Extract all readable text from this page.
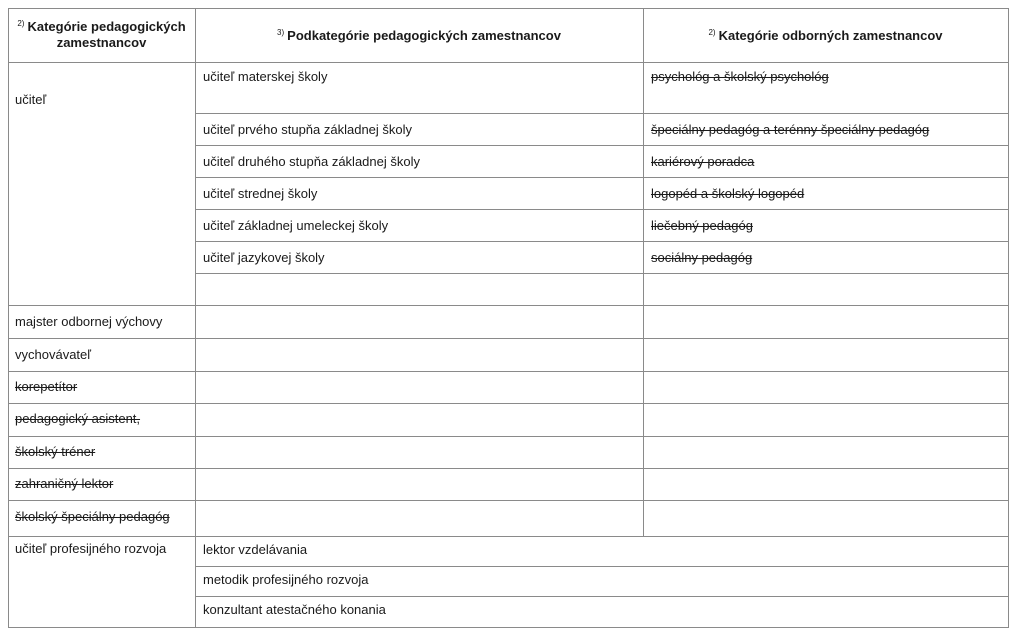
$^{2)}$ Kategórie pedagogických
zamestnancov
$^{3)}$ Podkategórie pedagogických zamestnancov	$^{2)}$ Kategórie odborných zamestnancov
učiteľ
učiteľ materskej školy
učiteľ prvého stupňa základnej školy
učiteľ druhého stupňa základnej školy
učiteľ strednej školy
učiteľ základnej umeleckej školy
učiteľ jazykovej školy
psychológ a školský psychológ
špeciálny pedagóg a terénny špeciálny pedagóg
kariérový poradca
logopéd a školský logopéd
liečebný pedagóg
sociálny pedagóg
majster odbornej výchovy
vychovávateľ
korepetítor
pedagogický asistent,
školský tréner
zahraničný lektor
školský špeciálny pedagóg
učiteľ profesijného rozvoja	lektor vzdelávania
metodik profesijného rozvoja
konzultant atestačného konania
